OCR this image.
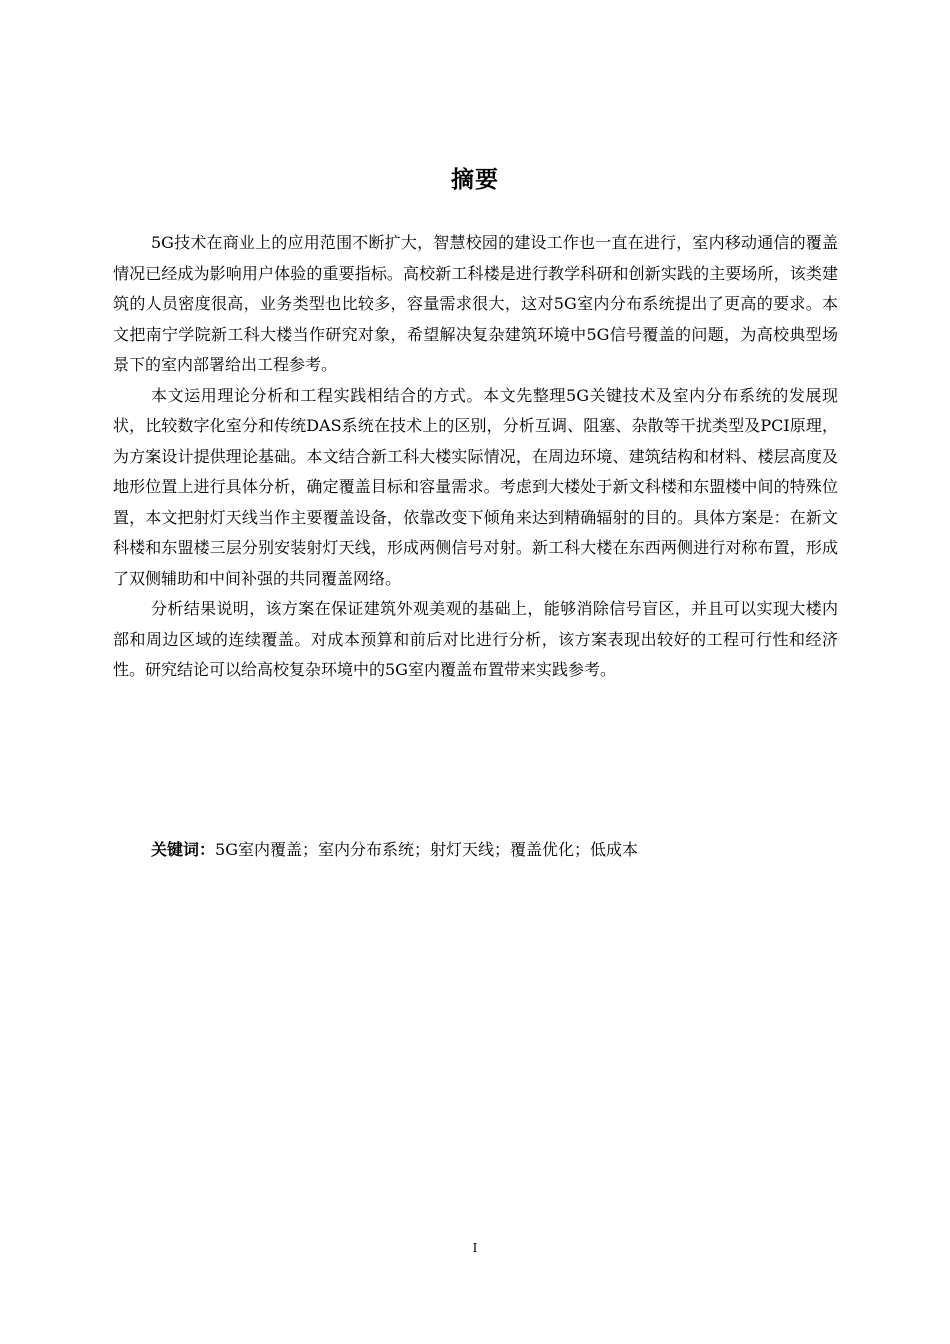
摘要

5G技术在商业上的应用范围不断扩大，智慧校园的建设工作也一直在进行，室内移动通信的覆盖情况已经成为影响用户体验的重要指标。高校新工科楼是进行教学科研和创新实践的主要场所，该类建筑的人员密度很高，业务类型也比较多，容量需求很大，这对5G室内分布系统提出了更高的要求。本文把南宁学院新工科大楼当作研究对象，希望解决复杂建筑环境中5G信号覆盖的问题，为高校典型场景下的室内部署给出工程参考。

本文运用理论分析和工程实践相结合的方式。本文先整理5G关键技术及室内分布系统的发展现状，比较数字化室分和传统DAS系统在技术上的区别，分析互调、阻塞、杂散等干扰类型及PCI原理，为方案设计提供理论基础。本文结合新工科大楼实际情况，在周边环境、建筑结构和材料、楼层高度及地形位置上进行具体分析，确定覆盖目标和容量需求。考虑到大楼处于新文科楼和东盟楼中间的特殊位置，本文把射灯天线当作主要覆盖设备，依靠改变下倾角来达到精确辐射的目的。具体方案是：在新文科楼和东盟楼三层分别安装射灯天线，形成两侧信号对射。新工科大楼在东西两侧进行对称布置，形成了双侧辅助和中间补强的共同覆盖网络。

分析结果说明，该方案在保证建筑外观美观的基础上，能够消除信号盲区，并且可以实现大楼内部和周边区域的连续覆盖。对成本预算和前后对比进行分析，该方案表现出较好的工程可行性和经济性。研究结论可以给高校复杂环境中的5G室内覆盖布置带来实践参考。

关键词：5G室内覆盖；室内分布系统；射灯天线；覆盖优化；低成本
I
